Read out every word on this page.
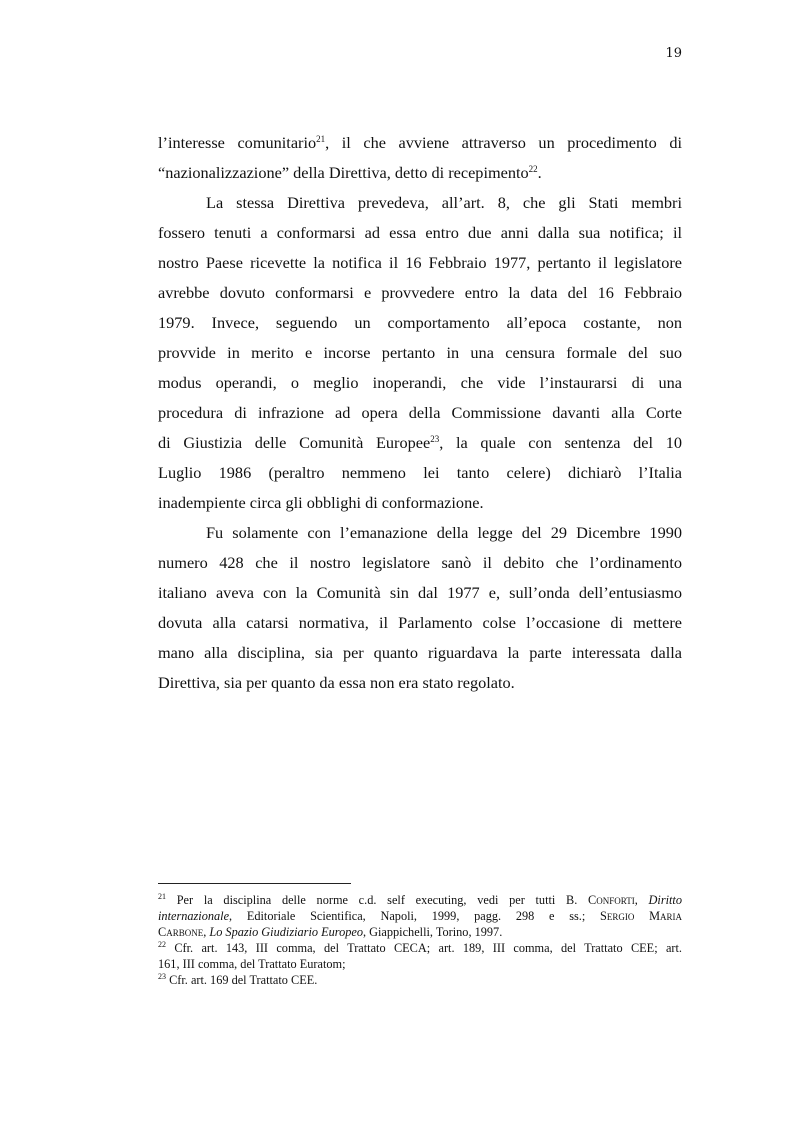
19
l’interesse comunitario$^{21}$, il che avviene attraverso un procedimento di
“nazionalizzazione” della Direttiva, detto di recepimento$^{22}$.
La stessa Direttiva prevedeva, all’art. 8, che gli Stati membri
fossero tenuti a conformarsi ad essa entro due anni dalla sua notifica; il
nostro Paese ricevette la notifica il 16 Febbraio 1977, pertanto il legislatore
avrebbe dovuto conformarsi e provvedere entro la data del 16 Febbraio
1979. Invece, seguendo un comportamento all’epoca costante, non
provvide in merito e incorse pertanto in una censura formale del suo
modus operandi, o meglio inoperandi, che vide l’instaurarsi di una
procedura di infrazione ad opera della Commissione davanti alla Corte
di Giustizia delle Comunità Europee$^{23}$, la quale con sentenza del 10
Luglio 1986 (peraltro nemmeno lei tanto celere) dichiarò l’Italia
inadempiente circa gli obblighi di conformazione.
Fu solamente con l’emanazione della legge del 29 Dicembre 1990
numero 428 che il nostro legislatore sanò il debito che l’ordinamento
italiano aveva con la Comunità sin dal 1977 e, sull’onda dell’entusiasmo
dovuta alla catarsi normativa, il Parlamento colse l’occasione di mettere
mano alla disciplina, sia per quanto riguardava la parte interessata dalla
Direttiva, sia per quanto da essa non era stato regolato.
$^{21}$ Per la disciplina delle norme c.d. self executing, vedi per tutti B. Conforti, Diritto
internazionale, Editoriale Scientifica, Napoli, 1999, pagg. 298 e ss.; Sergio Maria
Carbone, Lo Spazio Giudiziario Europeo, Giappichelli, Torino, 1997.
$^{22}$ Cfr. art. 143, III comma, del Trattato CECA; art. 189, III comma, del Trattato CEE; art.
161, III comma, del Trattato Euratom;
$^{23}$ Cfr. art. 169 del Trattato CEE.
